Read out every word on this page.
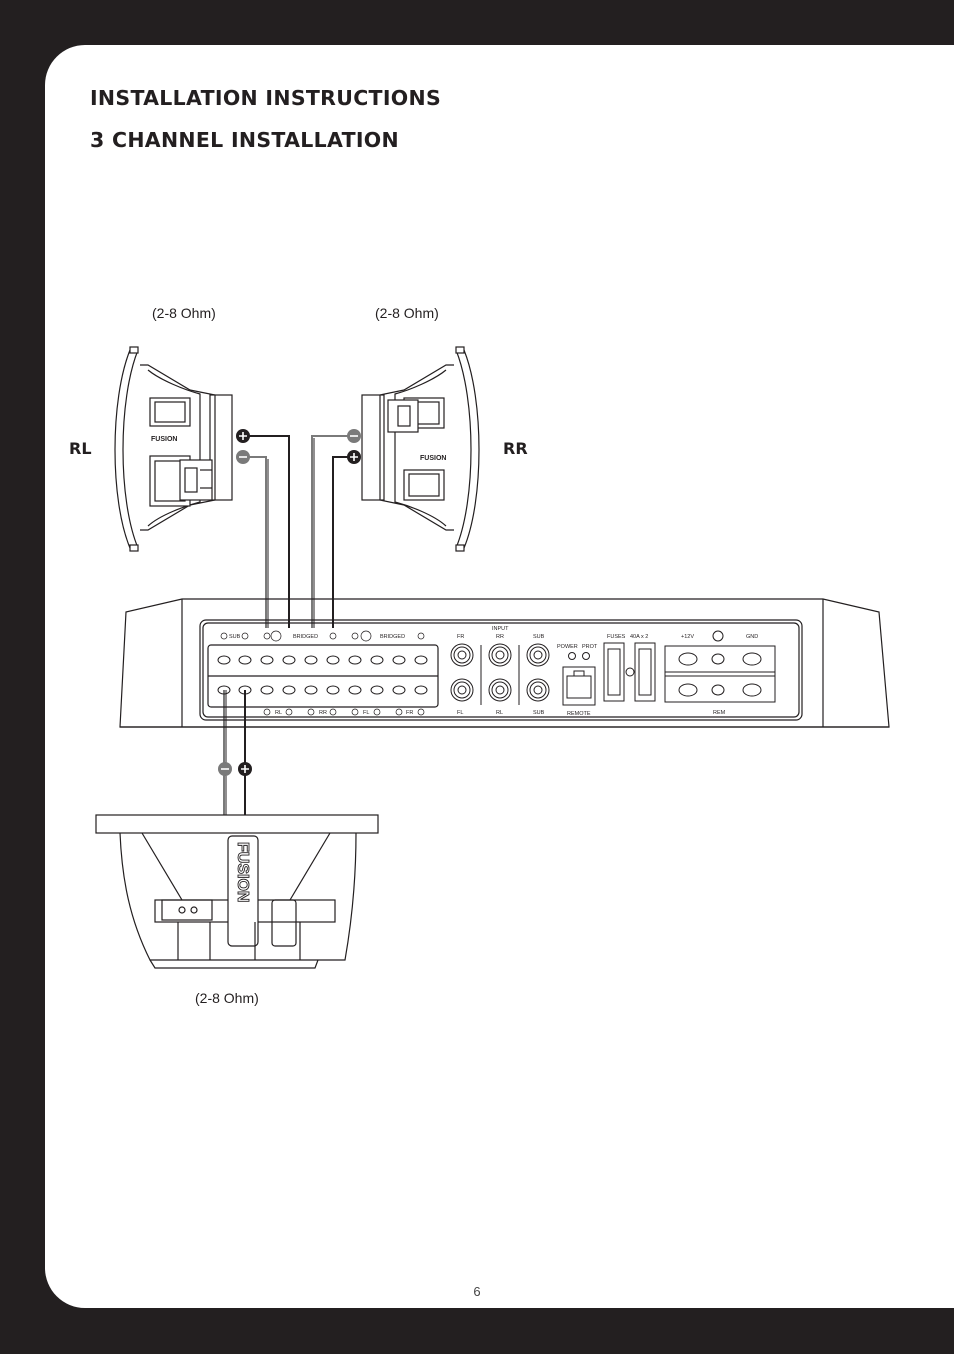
INSTALLATION INSTRUCTIONS
3 CHANNEL INSTALLATION
(2-8 Ohm)	(2-8 Ohm)
(2-8 Ohm)
RL	RR
FUSION
FUSION
SUB	BRIDGED	BRIDGED
RL	RR	FL	FR
INPUT
FR	RR	SUB
FL	RL	SUB
POWER PROT
REMOTE
FUSES 40A x 2	+12V	GND
REM
FUSION
6
